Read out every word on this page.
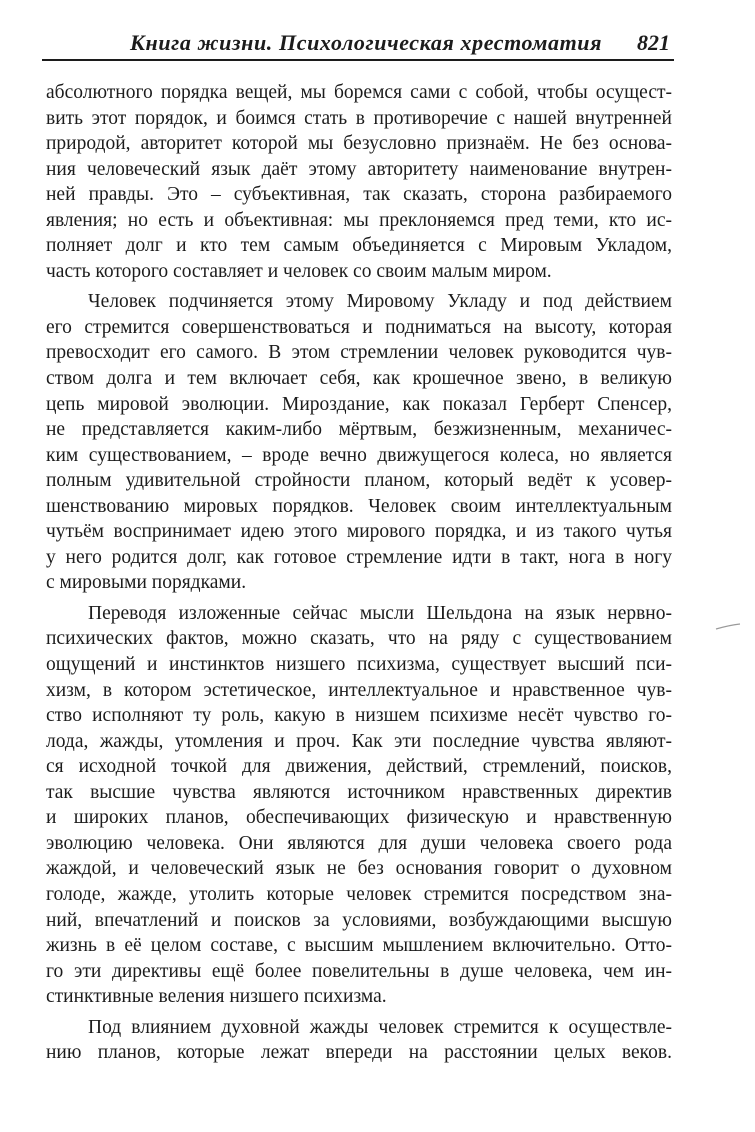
Книга жизни. Психологическая хрестоматия 821
абсолютного порядка вещей, мы боремся сами с собой, чтобы осущест-
вить этот порядок, и боимся стать в противоречие с нашей внутренней
природой, авторитет которой мы безусловно признаём. Не без основа-
ния человеческий язык даёт этому авторитету наименование внутрен-
ней правды. Это – субъективная, так сказать, сторона разбираемого
явления; но есть и объективная: мы преклоняемся пред теми, кто ис-
полняет долг и кто тем самым объединяется с Мировым Укладом,
часть которого составляет и человек со своим малым миром.
Человек подчиняется этому Мировому Укладу и под действием
его стремится совершенствоваться и подниматься на высоту, которая
превосходит его самого. В этом стремлении человек руководится чув-
ством долга и тем включает себя, как крошечное звено, в великую
цепь мировой эволюции. Мироздание, как показал Герберт Спенсер,
не представляется каким-либо мёртвым, безжизненным, механичес-
ким существованием, – вроде вечно движущегося колеса, но является
полным удивительной стройности планом, который ведёт к усовер-
шенствованию мировых порядков. Человек своим интеллектуальным
чутьём воспринимает идею этого мирового порядка, и из такого чутья
у него родится долг, как готовое стремление идти в такт, нога в ногу
с мировыми порядками.
Переводя изложенные сейчас мысли Шельдона на язык нервно-
психических фактов, можно сказать, что на ряду с существованием
ощущений и инстинктов низшего психизма, существует высший пси-
хизм, в котором эстетическое, интеллектуальное и нравственное чув-
ство исполняют ту роль, какую в низшем психизме несёт чувство го-
лода, жажды, утомления и проч. Как эти последние чувства являют-
ся исходной точкой для движения, действий, стремлений, поисков,
так высшие чувства являются источником нравственных директив
и широких планов, обеспечивающих физическую и нравственную
эволюцию человека. Они являются для души человека своего рода
жаждой, и человеческий язык не без основания говорит о духовном
голоде, жажде, утолить которые человек стремится посредством зна-
ний, впечатлений и поисков за условиями, возбуждающими высшую
жизнь в её целом составе, с высшим мышлением включительно. Отто-
го эти директивы ещё более повелительны в душе человека, чем ин-
стинктивные веления низшего психизма.
Под влиянием духовной жажды человек стремится к осуществле-
нию планов, которые лежат впереди на расстоянии целых веков.
